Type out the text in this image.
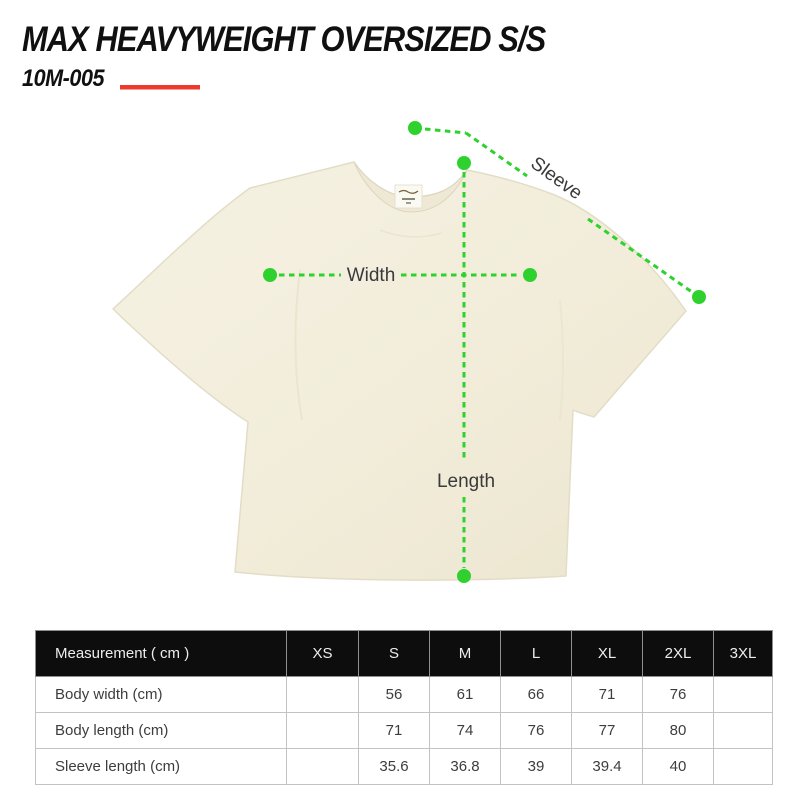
MAX HEAVYWEIGHT OVERSIZED S/S
10M-005
Width
Length
Sleeve
Measurement ( cm )	XS	S	M	L	XL	2XL	3XL
Body width (cm)		56	61	66	71	76	
Body length (cm)		71	74	76	77	80	
Sleeve length (cm)		35.6	36.8	39	39.4	40	
